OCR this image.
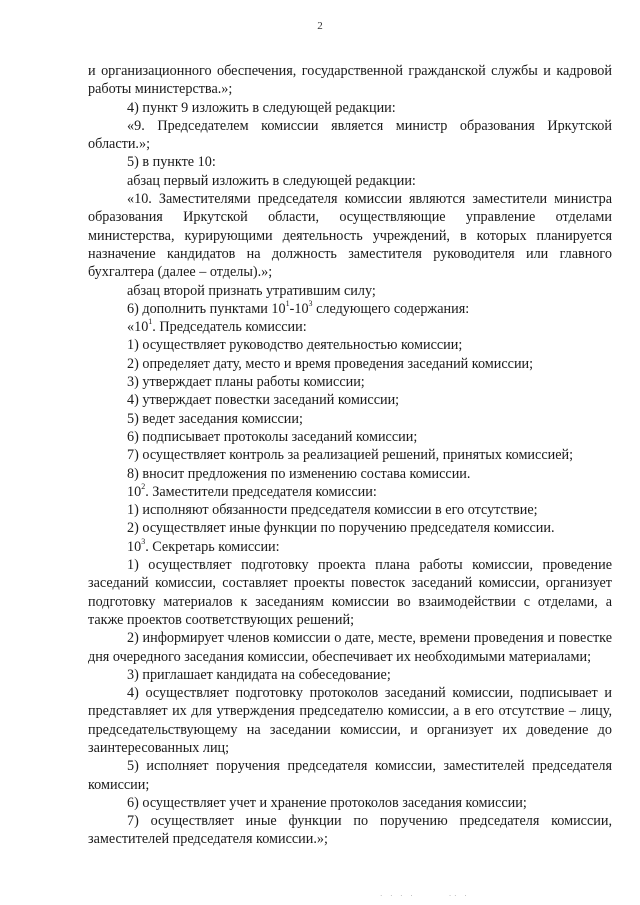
2

и организационного обеспечения, государственной гражданской службы и кадровой работы министерства.»;

4) пункт 9 изложить в следующей редакции:

«9. Председателем комиссии является министр образования Иркутской области.»;

5) в пункте 10:

абзац первый изложить в следующей редакции:

«10. Заместителями председателя комиссии являются заместители министра образования Иркутской области, осуществляющие управление отделами министерства, курирующими деятельность учреждений, в которых планируется назначение кандидатов на должность заместителя руководителя или главного бухгалтера (далее – отделы).»;

абзац второй признать утратившим силу;

6) дополнить пунктами $10^1-10^3$ следующего содержания:

«$10^1$. Председатель комиссии:

1) осуществляет руководство деятельностью комиссии;

2) определяет дату, место и время проведения заседаний комиссии;

3) утверждает планы работы комиссии;

4) утверждает повестки заседаний комиссии;

5) ведет заседания комиссии;

6) подписывает протоколы заседаний комиссии;

7) осуществляет контроль за реализацией решений, принятых комиссией;

8) вносит предложения по изменению состава комиссии.

$10^2$. Заместители председателя комиссии:

1) исполняют обязанности председателя комиссии в его отсутствие;

2) осуществляет иные функции по поручению председателя комиссии.

$10^3$. Секретарь комиссии:

1) осуществляет подготовку проекта плана работы комиссии, проведение заседаний комиссии, составляет проекты повесток заседаний комиссии, организует подготовку материалов к заседаниям комиссии во взаимодействии с отделами, а также проектов соответствующих решений;

2) информирует членов комиссии о дате, месте, времени проведения и повестке дня очередного заседания комиссии, обеспечивает их необходимыми материалами;

3) приглашает кандидата на собеседование;

4) осуществляет подготовку протоколов заседаний комиссии, подписывает и представляет их для утверждения председателю комиссии, а в его отсутствие – лицу, председательствующему на заседании комиссии, и организует их доведение до заинтересованных лиц;

5) исполняет поручения председателя комиссии, заместителей председателя комиссии;

6) осуществляет учет и хранение протоколов заседания комиссии;

7) осуществляет иные функции по поручению председателя комиссии, заместителей председателя комиссии.»;

· · · ·       ·· ·
